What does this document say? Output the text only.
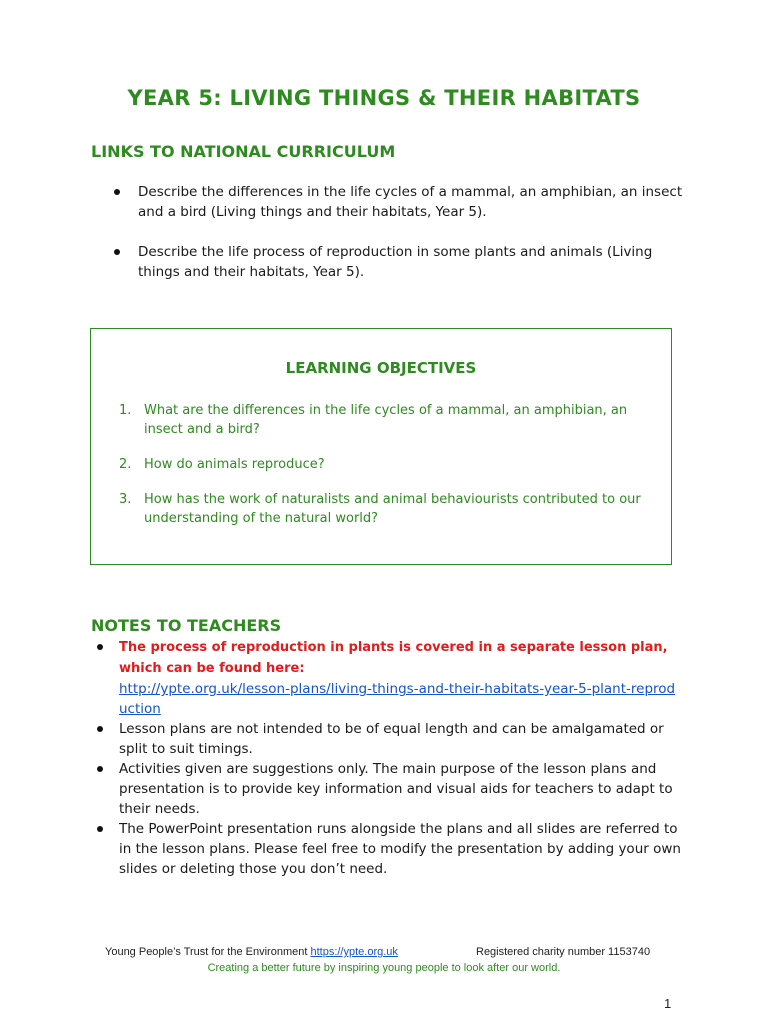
YEAR 5: LIVING THINGS & THEIR HABITATS
LINKS TO NATIONAL CURRICULUM
Describe the differences in the life cycles of a mammal, an amphibian, an insect and a bird (Living things and their habitats, Year 5).
Describe the life process of reproduction in some plants and animals (Living things and their habitats, Year 5).
LEARNING OBJECTIVES
1. What are the differences in the life cycles of a mammal, an amphibian, an insect and a bird?
2. How do animals reproduce?
3. How has the work of naturalists and animal behaviourists contributed to our understanding of the natural world?
NOTES TO TEACHERS
The process of reproduction in plants is covered in a separate lesson plan, which can be found here:
http://ypte.org.uk/lesson-plans/living-things-and-their-habitats-year-5-plant-reproduction
Lesson plans are not intended to be of equal length and can be amalgamated or split to suit timings.
Activities given are suggestions only. The main purpose of the lesson plans and presentation is to provide key information and visual aids for teachers to adapt to their needs.
The PowerPoint presentation runs alongside the plans and all slides are referred to in the lesson plans. Please feel free to modify the presentation by adding your own slides or deleting those you don’t need.
Young People’s Trust for the Environment https://ypte.org.uk	Registered charity number 1153740
Creating a better future by inspiring young people to look after our world.
1
